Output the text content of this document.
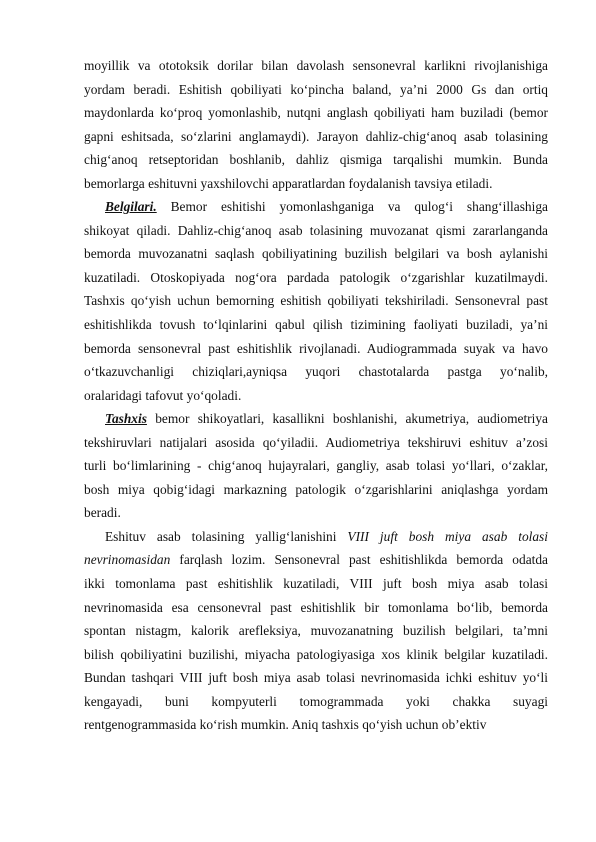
moyillik va ototoksik dorilar bilan davolash sensonevral karlikni rivojlanishiga
yordam beradi. Eshitish qobiliyati ko‘pincha baland, ya’ni 2000 Gs dan ortiq
maydonlarda ko‘proq yomonlashib, nutqni anglash qobiliyati ham buziladi (bemor
gapni eshitsada, so‘zlarini anglamaydi). Jarayon dahliz-chig‘anoq asab tolasining
chig‘anoq retseptoridan boshlanib, dahliz qismiga tarqalishi mumkin. Bunda
bemorlarga eshituvni yaxshilovchi apparatlardan foydalanish tavsiya etiladi.
Belgilari. Bemor eshitishi yomonlashganiga va qulog‘i shang‘illashiga
shikoyat qiladi. Dahliz-chig‘anoq asab tolasining muvozanat qismi zararlanganda
bemorda muvozanatni saqlash qobiliyatining buzilish belgilari va bosh aylanishi
kuzatiladi. Otoskopiyada nog‘ora pardada patologik o‘zgarishlar kuzatilmaydi.
Tashxis qo‘yish uchun bemorning eshitish qobiliyati tekshiriladi. Sensonevral past
eshitishlikda tovush to‘lqinlarini qabul qilish tizimining faoliyati buziladi, ya’ni
bemorda sensonevral past eshitishlik rivojlanadi. Audiogrammada suyak va havo
o‘tkazuvchanligi chiziqlari,ayniqsa yuqori chastotalarda pastga yo‘nalib,
oralaridagi tafovut yo‘qoladi.
Tashxis bemor shikoyatlari, kasallikni boshlanishi, akumetriya, audiometriya
tekshiruvlari natijalari asosida qo‘yiladii. Audiometriya tekshiruvi eshituv a’zosi
turli bo‘limlarining - chig‘anoq hujayralari, gangliy, asab tolasi yo‘llari, o‘zaklar,
bosh miya qobig‘idagi markazning patologik o‘zgarishlarini aniqlashga yordam
beradi.
Eshituv asab tolasining yallig‘lanishini VIII juft bosh miya asab tolasi
nevrinomasidan farqlash lozim. Sensonevral past eshitishlikda bemorda odatda
ikki tomonlama past eshitishlik kuzatiladi, VIII juft bosh miya asab tolasi
nevrinomasida esa censonevral past eshitishlik bir tomonlama bo‘lib, bemorda
spontan nistagm, kalorik arefleksiya, muvozanatning buzilish belgilari, ta’mni
bilish qobiliyatini buzilishi, miyacha patologiyasiga xos klinik belgilar kuzatiladi.
Bundan tashqari VIII juft bosh miya asab tolasi nevrinomasida ichki eshituv yo‘li
kengayadi, buni kompyuterli tomogrammada yoki chakka suyagi
rentgenogrammasida ko‘rish mumkin. Aniq tashxis qo‘yish uchun ob’ektiv
